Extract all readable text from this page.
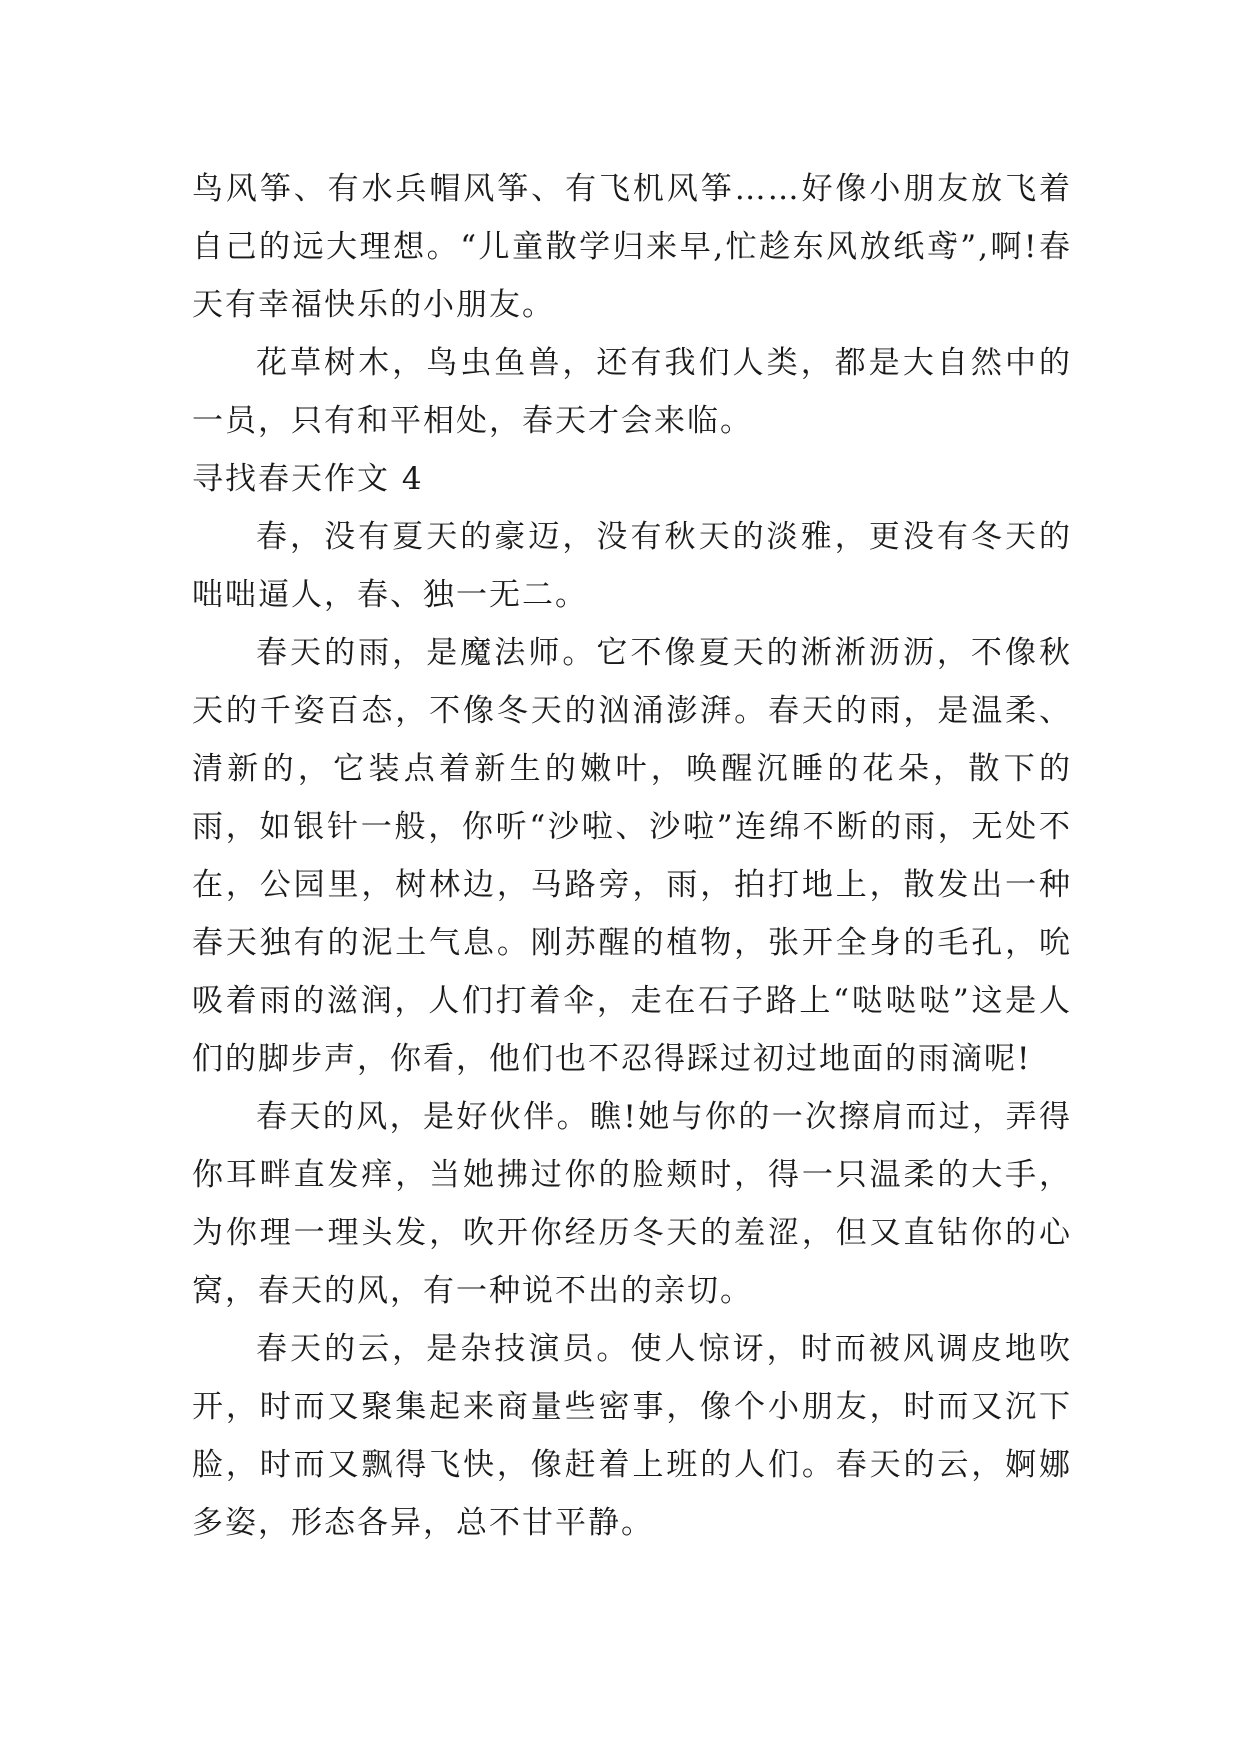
鸟风筝、有水兵帽风筝、有飞机风筝……好像小朋友放飞着自己的远大理想。“儿童散学归来早,忙趁东风放纸鸢”,啊!春天有幸福快乐的小朋友。

花草树木，鸟虫鱼兽，还有我们人类，都是大自然中的一员，只有和平相处，春天才会来临。

寻找春天作文 4

春，没有夏天的豪迈，没有秋天的淡雅，更没有冬天的咄咄逼人，春、独一无二。

春天的雨，是魔法师。它不像夏天的淅淅沥沥，不像秋天的千姿百态，不像冬天的汹涌澎湃。春天的雨，是温柔、清新的，它装点着新生的嫩叶，唤醒沉睡的花朵，散下的雨，如银针一般，你听“沙啦、沙啦”连绵不断的雨，无处不在，公园里，树林边，马路旁，雨，拍打地上，散发出一种春天独有的泥土气息。刚苏醒的植物，张开全身的毛孔，吮吸着雨的滋润，人们打着伞，走在石子路上“哒哒哒”这是人们的脚步声，你看，他们也不忍得踩过初过地面的雨滴呢!

春天的风，是好伙伴。瞧!她与你的一次擦肩而过，弄得你耳畔直发痒，当她拂过你的脸颊时，得一只温柔的大手，为你理一理头发，吹开你经历冬天的羞涩，但又直钻你的心窝，春天的风，有一种说不出的亲切。

春天的云，是杂技演员。使人惊讶，时而被风调皮地吹开，时而又聚集起来商量些密事，像个小朋友，时而又沉下脸，时而又飘得飞快，像赶着上班的人们。春天的云，婀娜多姿，形态各异，总不甘平静。
